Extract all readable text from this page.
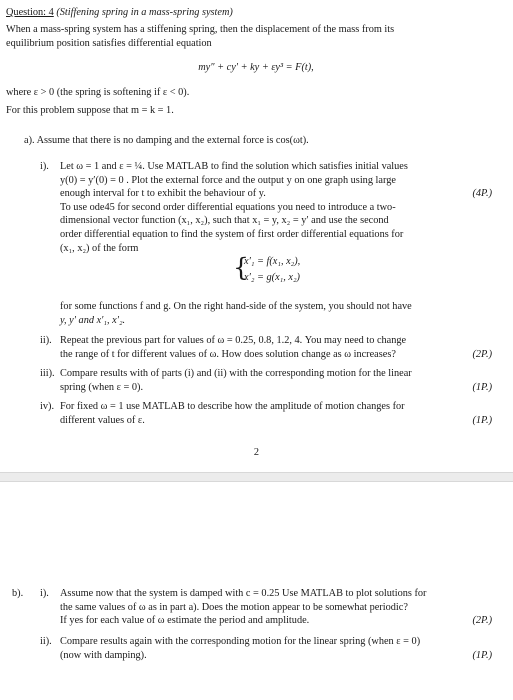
Question: 4 (Stiffening spring in a mass-spring system)
When a mass-spring system has a stiffening spring, then the displacement of the mass from its
equilibrium position satisfies differential equation
my″ + cy′ + ky + εy³ = F(t),
where ε > 0 (the spring is softening if ε < 0).
For this problem suppose that m = k = 1.
a). Assume that there is no damping and the external force is cos(ωt).
i). Let ω = 1 and ε = ¼. Use MATLAB to find the solution which satisfies initial values
y(0) = y′(0) = 0 . Plot the external force and the output y on one graph using large
enough interval for t to exhibit the behaviour of y.	(4P.)
To use ode45 for second order differential equations you need to introduce a two-
dimensional vector function (x₁, x₂), such that x₁ = y, x₂ = y′ and use the second
order differential equation to find the system of first order differential equations for
(x₁, x₂) of the form
{
x′₁ = f(x₁, x₂),
x′₂ = g(x₁, x₂)
for some functions f and g. On the right hand-side of the system, you should not have
y, y′ and x′₁, x′₂.
ii). Repeat the previous part for values of ω = 0.25, 0.8, 1.2, 4. You may need to change
the range of t for different values of ω. How does solution change as ω increases?	(2P.)
iii). Compare results with of parts (i) and (ii) with the corresponding motion for the linear
spring (when ε = 0).	(1P.)
iv). For fixed ω = 1 use MATLAB to describe how the amplitude of motion changes for
different values of ε.	(1P.)
2
b).	i). Assume now that the system is damped with c = 0.25 Use MATLAB to plot solutions for
the same values of ω as in part a). Does the motion appear to be somewhat periodic?
If yes for each value of ω estimate the period and amplitude.	(2P.)
ii). Compare results again with the corresponding motion for the linear spring (when ε = 0)
(now with damping).	(1P.)
